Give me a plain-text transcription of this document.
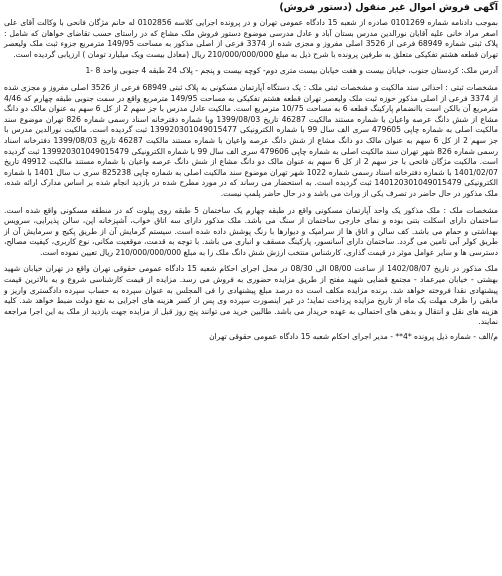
آگهی فروش اموال غیر منقول (دستور فروش)
بموجب دادنامه شماره 0101269 صادره از شعبه 15 دادگاه عمومی تهران و در پرونده اجرایی کلاسه 0102856 له خانم مژگان فانحی با وکالت آقای علی اصغر مراد خانی علیه آقایان نورالدین مدرس بستان آباد و عادل مدرسی موضوع دستور فروش ملک مشاع که در راستای حسب تقاضای خواهان که شامل : پلاک ثبتی شماره 68949 فرعی از 3526 اصلی مفروز و مجزی شده از 3374 فرعی از اصلی مذکور به مساحت 149/95 مترمربع جزوء ثبت ملک ولیعصر تهران قطعه هشتم تفکیکی متعلق به طرفین پرونده با شرح ذیل به مبلغ 210/000/000/000 ریال (معادل بیست ویک میلیارد تومان ) ارزیابی گردیده است.
آدرس ملک: کردستان جنوب، خیابان بیست و هفت خیابان بیست متری دوم- کوچه بیست و پنجم - پلاک 24 طبقه 4 جنوبی واحد 8 -1
مشخصات ثبتی : احداثی سند مالکیت و مشخصات ثبتی ملک : یک دستگاه آپارتمان مسکونی به پلاک ثبتی 68949 فرعی از 3526 اصلی مفروز و مجزی شده از 3374 فرعی از اصلی مذکور حوزه ثبت ملک ولیعصر تهران قطعه هشتم تفکیکی به مساحت 149/95 مترمربع واقع در سمت جنوبی طبقه چهارم که 4/46 مترمربع آن بالکن است باانضمام پارکینگ قطعه 6 به مساحت 10/75 مترمربع است. مالکیت عادل مدرس با جز سهم 2 از کل 6 سهم به عنوان مالک دو دانگ مشاع از شش دانگ عرصه واعیان با شماره مستند مالکیت 46287 تاریخ 1399/08/03 وبا شماره دفترخانه اسناد رسمی شماره 826 تهران موضوع سند مالکیت اصلی به شماره چاپی 479605 سری الف سال 99 با شماره الکترونیکی 139920301049015477 ثبت گردیده است. مالکیت نورالدین مدرس با جز سهم 2 از کل 6 سهم به عنوان مالک دو دانگ مشاع از شش دانگ عرصه واعیان با شماره مستند مالکیت 46287 تاریخ 1399/08/03 دفترخانه اسناد رسمی شماره 826 شهر تهران سند مالکیت اصلی به شماره چاپی 479606 سری الف سال 99 با شماره الکترونیکی 139920301049015479 ثبت گردیده است. مالکیت مژگان فاتحی با جز سهم 2 از کل 6 سهم به عنوان مالک دو دانگ مشاع از شش دانگ عرصه واعیان با شماره مستند مالکیت 49912 تاریخ 1401/02/07 با شماره دفترخانه اسناد رسمی شماره 1022 شهر تهران موضوع سند مالکیت اصلی به شماره چاپی 825238 سری ب سال 1401 با شماره الکترونیکی 140120301049015479 ثبت گردیده است. به استحضار می رساند که در مورد مطرح شده در بازدید انجام شده بر اساس مدارک ارائه شده، ملک مذکور در حال حاضر در تصرف یکی از وراث می باشد و در حال حاضر پلمپ نیست.
مشخصات ملک : ملک مذکور یک واحد آپارتمان مسکونی واقع در طبقه چهارم یک ساختمان 5 طبقه روی پیلوت که در منطقه مسکونی واقع شده است. ساختمان دارای اسکلت بتنی بوده و نمای خارجی ساختمان از سنگ می باشد. ملک مذکور دارای سه اتاق خواب، آشپزخانه اپن، سالن پذیرایی، سرویس بهداشتی و حمام می باشد. کف سالن و اتاق ها از سرامیک و دیوارها با رنگ پوشش داده شده است. سیستم گرمایش آن از طریق پکیج و سرمایش آن از طریق کولر آبی تامین می گردد. ساختمان دارای آسانسور، پارکینگ مسقف و انباری می باشد. با توجه به قدمت، موقعیت مکانی، نوع کاربری، کیفیت مصالح، دسترسی ها و سایر عوامل موثر در قیمت گذاری، کارشناس منتخب ارزش شش دانگ ملک را به مبلغ 210/000/000/000 ریال تعیین نموده است.
ملک مذکور در تاریخ 1402/08/07 از ساعت 08/00 الی 08/30 در محل اجرای احکام شعبه 15 دادگاه عمومی حقوقی تهران واقع در تهران خیابان شهید بهشتی - خیابان میرعماد - مجتمع قضایی شهید مفتح از طریق مزایده حضوری به فروش می رسد. مزایده از قیمت کارشناسی شروع و به بالاترین قیمت پیشنهادی نقدا فروخته خواهد شد. برنده مزایده مکلف است ده درصد مبلغ پیشنهادی را فی المجلس به عنوان سپرده به حساب سپرده دادگستری واریز و مابقی را ظرف مهلت یک ماه از تاریخ مزایده پرداخت نماید؛ در غیر اینصورت سپرده وی پس از کسر هزینه های اجرایی به نفع دولت ضبط خواهد شد. کلیه هزینه های نقل و انتقال و بدهی های احتمالی به عهده خریدار می باشد. طالبین خرید می توانند پنج روز قبل از مزایده جهت بازدید از ملک به این اجرا مراجعه نمایند.
م/الف - شماره ذیل پرونده *4** - مدیر اجرای احکام شعبه 15 دادگاه عمومی حقوقی تهران
